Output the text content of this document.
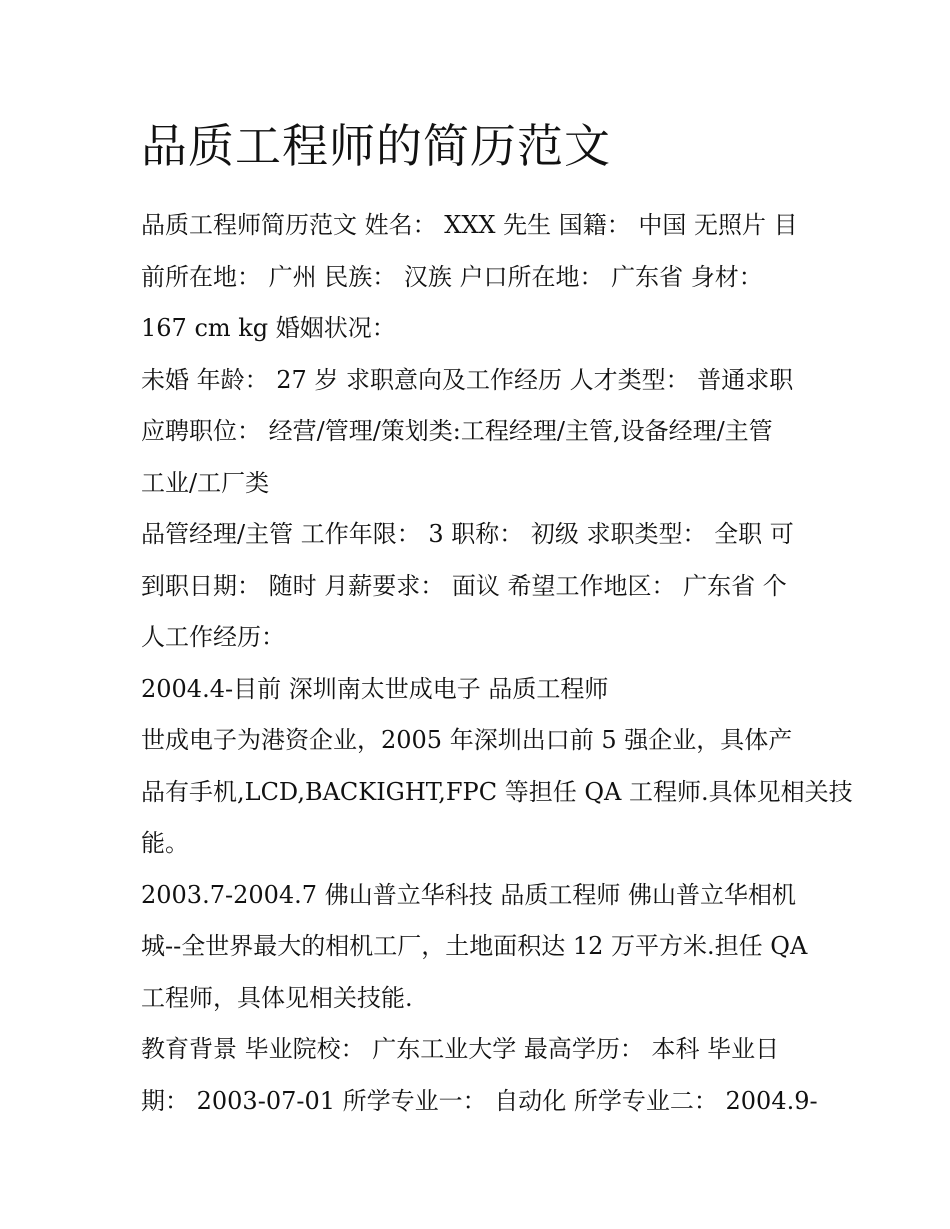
品质工程师的简历范文

品质工程师简历范文 姓名： XXX 先生 国籍： 中国 无照片 目
前所在地： 广州 民族： 汉族 户口所在地： 广东省 身材：
167 cm kg 婚姻状况：

未婚 年龄： 27 岁 求职意向及工作经历 人才类型： 普通求职
应聘职位： 经营/管理/策划类:工程经理/主管,设备经理/主管
工业/工厂类

品管经理/主管 工作年限： 3 职称： 初级 求职类型： 全职 可
到职日期： 随时 月薪要求： 面议 希望工作地区： 广东省 个
人工作经历：

2004.4-目前 深圳南太世成电子 品质工程师

世成电子为港资企业，2005 年深圳出口前 5 强企业，具体产
品有手机,LCD,BACKIGHT,FPC 等担任 QA 工程师.具体见相关技
能。

2003.7-2004.7 佛山普立华科技 品质工程师 佛山普立华相机
城--全世界最大的相机工厂，土地面积达 12 万平方米.担任 QA
工程师，具体见相关技能.

教育背景 毕业院校： 广东工业大学 最高学历： 本科 毕业日
期： 2003-07-01 所学专业一： 自动化 所学专业二： 2004.9-
